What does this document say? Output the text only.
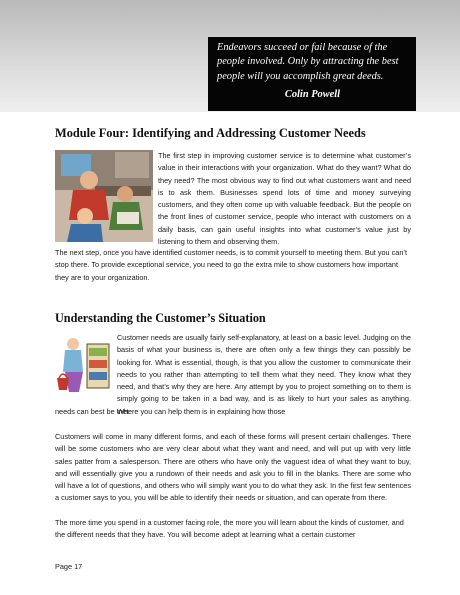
Endeavors succeed or fail because of the people involved. Only by attracting the best people will you accomplish great deeds.

Colin Powell
Module Four: Identifying and Addressing Customer Needs

The first step in improving customer service is to determine what customer’s value in their interactions with your organization. What do they want? What do they need? The most obvious way to find out what customers want and need is to ask them. Businesses spend lots of time and money surveying customers, and they often come up with valuable feedback. But the people on the front lines of customer service, people who interact with customers on a daily basis, can gain useful insights into what customer’s value just by listening to them and observing them.

The next step, once you have identified customer needs, is to commit yourself to meeting them. But you can’t stop there. To provide exceptional service, you need to go the extra mile to show customers how important they are to your organization.

Understanding the Customer’s Situation

Customer needs are usually fairly self-explanatory, at least on a basic level. Judging on the basis of what your business is, there are often only a few things they can possibly be looking for. What is essential, though, is that you allow the customer to communicate their needs to you rather than attempting to tell them what they need. They know what they need, and that’s why they are here. Any attempt by you to project something on to them is simply going to be taken in a bad way, and is as likely to hurt your sales as anything. Where you can help them is in explaining how those

needs can best be met.

Customers will come in many different forms, and each of these forms will present certain challenges. There will be some customers who are very clear about what they want and need, and will put up with very little sales patter from a salesperson. There are others who have only the vaguest idea of what they want to buy, and will essentially give you a rundown of their needs and ask you to fill in the blanks. There are some who will have a lot of questions, and others who will simply want you to do what they ask. In the first few sentences a customer says to you, you will be able to identify their needs or situation, and can operate from there.

The more time you spend in a customer facing role, the more you will learn about the kinds of customer, and the different needs that they have. You will become adept at learning what a certain customer

Page 17
